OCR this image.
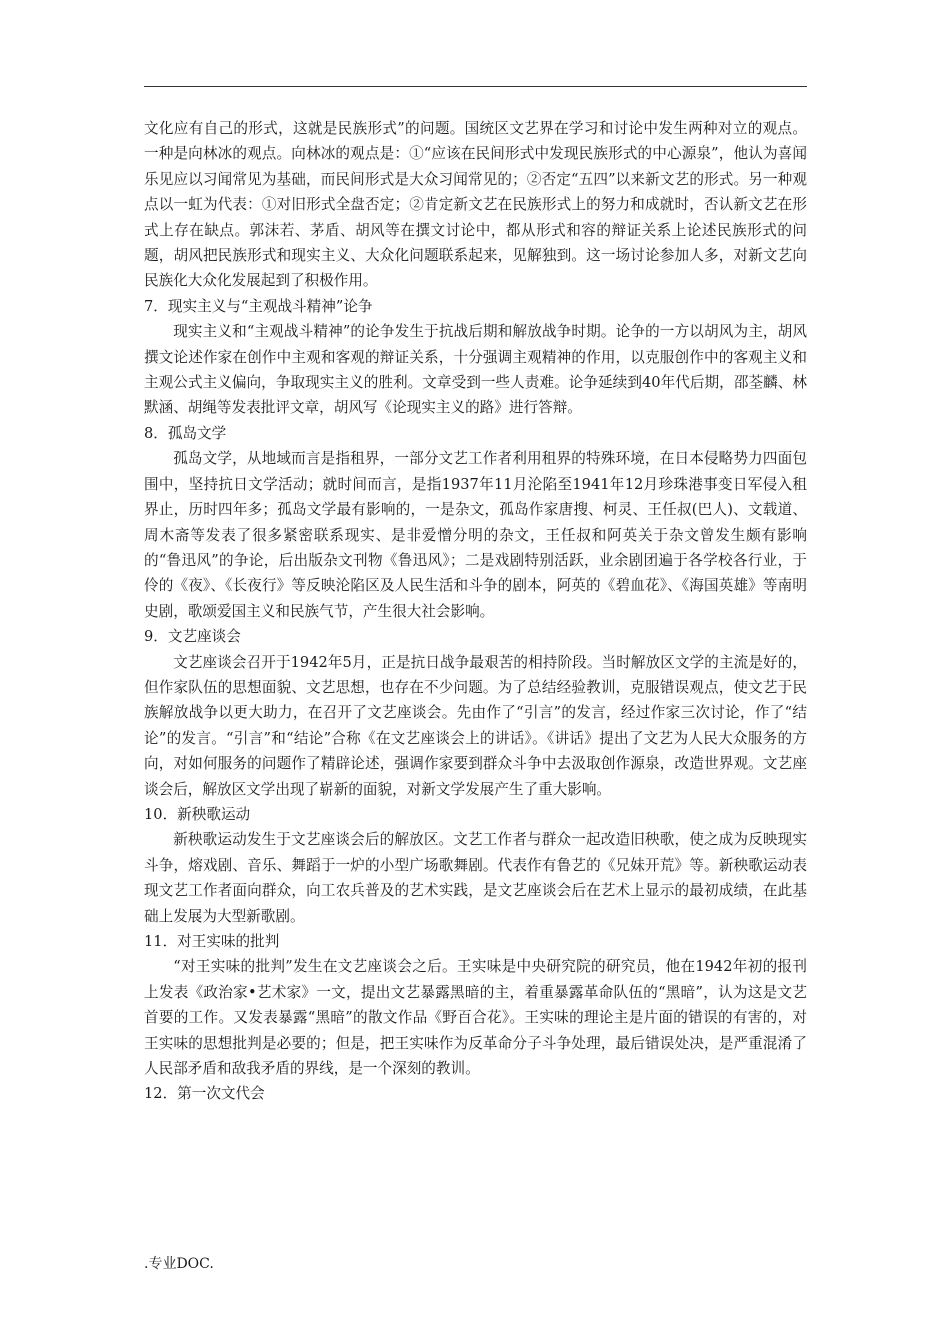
文化应有自己的形式，这就是民族形式”的问题。国统区文艺界在学习和讨论中发生两种对立的观点。一种是向林冰的观点。向林冰的观点是：①“应该在民间形式中发现民族形式的中心源泉”，他认为喜闻乐见应以习闻常见为基础，而民间形式是大众习闻常见的；②否定“五四”以来新文艺的形式。另一种观点以一虹为代表：①对旧形式全盘否定；②肯定新文艺在民族形式上的努力和成就时，否认新文艺在形式上存在缺点。郭沫若、茅盾、胡风等在撰文讨论中，都从形式和容的辩证关系上论述民族形式的问题，胡风把民族形式和现实主义、大众化问题联系起来，见解独到。这一场讨论参加人多，对新文艺向民族化大众化发展起到了积极作用。

7．现实主义与“主观战斗精神”论争

现实主义和“主观战斗精神”的论争发生于抗战后期和解放战争时期。论争的一方以胡风为主，胡风撰文论述作家在创作中主观和客观的辩证关系，十分强调主观精神的作用，以克服创作中的客观主义和主观公式主义偏向，争取现实主义的胜利。文章受到一些人责难。论争延续到40年代后期，邵荃麟、林默涵、胡绳等发表批评文章，胡风写《论现实主义的路》进行答辩。

8．孤岛文学

孤岛文学，从地域而言是指租界，一部分文艺工作者利用租界的特殊环境，在日本侵略势力四面包围中，坚持抗日文学活动；就时间而言，是指1937年11月沦陷至1941年12月珍珠港事变日军侵入租界止，历时四年多；孤岛文学最有影响的，一是杂文，孤岛作家唐搜、柯灵、王任叔(巴人)、文载道、周木斋等发表了很多紧密联系现实、是非爱憎分明的杂文，王任叔和阿英关于杂文曾发生颇有影响的“鲁迅风”的争论，后出版杂文刊物《鲁迅风》；二是戏剧特别活跃，业余剧团遍于各学校各行业，于伶的《夜》、《长夜行》等反映沦陷区及人民生活和斗争的剧本，阿英的《碧血花》、《海国英雄》等南明史剧，歌颂爱国主义和民族气节，产生很大社会影响。

9．文艺座谈会

文艺座谈会召开于1942年5月，正是抗日战争最艰苦的相持阶段。当时解放区文学的主流是好的，但作家队伍的思想面貌、文艺思想，也存在不少问题。为了总结经验教训，克服错误观点，使文艺于民族解放战争以更大助力，在召开了文艺座谈会。先由作了“引言”的发言，经过作家三次讨论，作了“结论”的发言。“引言”和“结论”合称《在文艺座谈会上的讲话》。《讲话》提出了文艺为人民大众服务的方向，对如何服务的问题作了精辟论述，强调作家要到群众斗争中去汲取创作源泉，改造世界观。文艺座谈会后，解放区文学出现了崭新的面貌，对新文学发展产生了重大影响。

10．新秧歌运动

新秧歌运动发生于文艺座谈会后的解放区。文艺工作者与群众一起改造旧秧歌，使之成为反映现实斗争，熔戏剧、音乐、舞蹈于一炉的小型广场歌舞剧。代表作有鲁艺的《兄妹开荒》等。新秧歌运动表现文艺工作者面向群众，向工农兵普及的艺术实践，是文艺座谈会后在艺术上显示的最初成绩，在此基础上发展为大型新歌剧。

11．对王实味的批判

“对王实味的批判”发生在文艺座谈会之后。王实味是中央研究院的研究员，他在1942年初的报刊上发表《政治家•艺术家》一文，提出文艺暴露黑暗的主，着重暴露革命队伍的“黑暗”，认为这是文艺首要的工作。又发表暴露“黑暗”的散文作品《野百合花》。王实味的理论主是片面的错误的有害的，对王实味的思想批判是必要的；但是，把王实味作为反革命分子斗争处理，最后错误处决，是严重混淆了人民部矛盾和敌我矛盾的界线，是一个深刻的教训。

12．第一次文代会

.专业DOC.
